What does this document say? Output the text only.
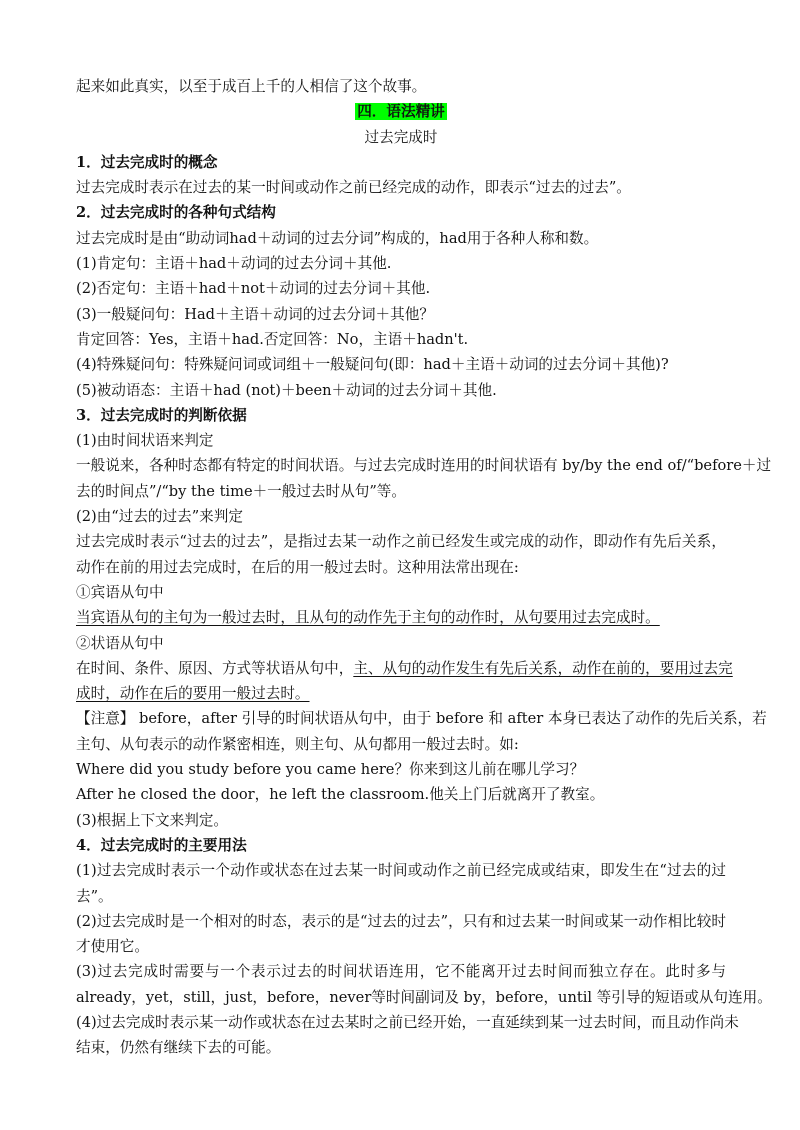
起来如此真实，以至于成百上千的人相信了这个故事。
四．语法精讲
过去完成时
1．过去完成时的概念
过去完成时表示在过去的某一时间或动作之前已经完成的动作，即表示“过去的过去”。
2．过去完成时的各种句式结构
过去完成时是由“助动词had＋动词的过去分词”构成的，had用于各种人称和数。
(1)肯定句：主语＋had＋动词的过去分词＋其他.
(2)否定句：主语＋had＋not＋动词的过去分词＋其他.
(3)一般疑问句：Had＋主语＋动词的过去分词＋其他？
肯定回答：Yes，主语＋had.否定回答：No，主语＋hadn't.
(4)特殊疑问句：特殊疑问词或词组＋一般疑问句(即：had＋主语＋动词的过去分词＋其他)?
(5)被动语态：主语＋had (not)＋been＋动词的过去分词＋其他.
3．过去完成时的判断依据
(1)由时间状语来判定
一般说来，各种时态都有特定的时间状语。与过去完成时连用的时间状语有 by/by the end of/“before＋过
去的时间点”/“by the time＋一般过去时从句”等。
(2)由“过去的过去”来判定
过去完成时表示“过去的过去”，是指过去某一动作之前已经发生或完成的动作，即动作有先后关系，
动作在前的用过去完成时，在后的用一般过去时。这种用法常出现在:
①宾语从句中
当宾语从句的主句为一般过去时，且从句的动作先于主句的动作时，从句要用过去完成时。
②状语从句中
在时间、条件、原因、方式等状语从句中，主、从句的动作发生有先后关系，动作在前的，要用过去完
成时，动作在后的要用一般过去时。
【注意】 before，after 引导的时间状语从句中，由于 before 和 after 本身已表达了动作的先后关系，若
主句、从句表示的动作紧密相连，则主句、从句都用一般过去时。如:
Where did you study before you came here？你来到这儿前在哪儿学习？
After he closed the door，he left the classroom.他关上门后就离开了教室。
(3)根据上下文来判定。
4．过去完成时的主要用法
(1)过去完成时表示一个动作或状态在过去某一时间或动作之前已经完成或结束，即发生在“过去的过
去”。
(2)过去完成时是一个相对的时态，表示的是“过去的过去”，只有和过去某一时间或某一动作相比较时
才使用它。
(3)过去完成时需要与一个表示过去的时间状语连用，它不能离开过去时间而独立存在。此时多与
already，yet，still，just，before，never等时间副词及 by，before，until 等引导的短语或从句连用。
(4)过去完成时表示某一动作或状态在过去某时之前已经开始，一直延续到某一过去时间，而且动作尚未
结束，仍然有继续下去的可能。
